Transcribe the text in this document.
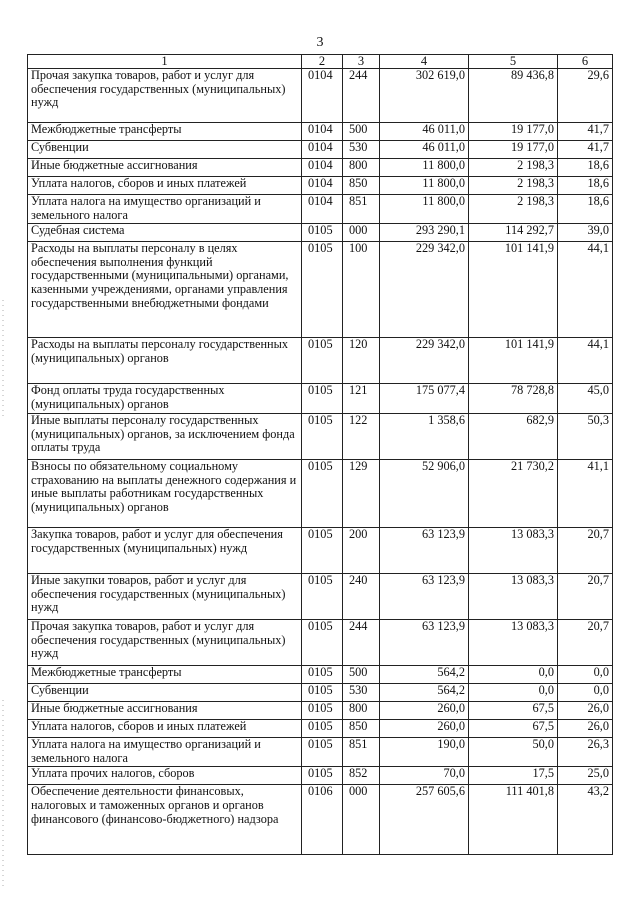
3
1	2	3	4	5	6
Прочая закупка товаров, работ и услуг для обеспечения государственных (муниципальных) нужд	0104	244	302 619,0	89 436,8	29,6
Межбюджетные трансферты	0104	500	46 011,0	19 177,0	41,7
Субвенции	0104	530	46 011,0	19 177,0	41,7
Иные бюджетные ассигнования	0104	800	11 800,0	2 198,3	18,6
Уплата налогов, сборов и иных платежей	0104	850	11 800,0	2 198,3	18,6
Уплата налога на имущество организаций и земельного налога	0104	851	11 800,0	2 198,3	18,6
Судебная система	0105	000	293 290,1	114 292,7	39,0
Расходы на выплаты персоналу в целях обеспечения выполнения функций государственными (муниципальными) органами, казенными учреждениями, органами управления государственными внебюджетными фондами	0105	100	229 342,0	101 141,9	44,1
Расходы на выплаты персоналу государственных (муниципальных) органов	0105	120	229 342,0	101 141,9	44,1
Фонд оплаты труда государственных (муниципальных) органов	0105	121	175 077,4	78 728,8	45,0
Иные выплаты персоналу государственных (муниципальных) органов, за исключением фонда оплаты труда	0105	122	1 358,6	682,9	50,3
Взносы по обязательному социальному страхованию на выплаты денежного содержания и иные выплаты работникам государственных (муниципальных) органов	0105	129	52 906,0	21 730,2	41,1
Закупка товаров, работ и услуг для обеспечения государственных (муниципальных) нужд	0105	200	63 123,9	13 083,3	20,7
Иные закупки товаров, работ и услуг для обеспечения государственных (муниципальных) нужд	0105	240	63 123,9	13 083,3	20,7
Прочая закупка товаров, работ и услуг для обеспечения государственных (муниципальных) нужд	0105	244	63 123,9	13 083,3	20,7
Межбюджетные трансферты	0105	500	564,2	0,0	0,0
Субвенции	0105	530	564,2	0,0	0,0
Иные бюджетные ассигнования	0105	800	260,0	67,5	26,0
Уплата налогов, сборов и иных платежей	0105	850	260,0	67,5	26,0
Уплата налога на имущество организаций и земельного налога	0105	851	190,0	50,0	26,3
Уплата прочих налогов, сборов	0105	852	70,0	17,5	25,0
Обеспечение деятельности финансовых, налоговых и таможенных органов и органов финансового (финансово-бюджетного) надзора	0106	000	257 605,6	111 401,8	43,2
